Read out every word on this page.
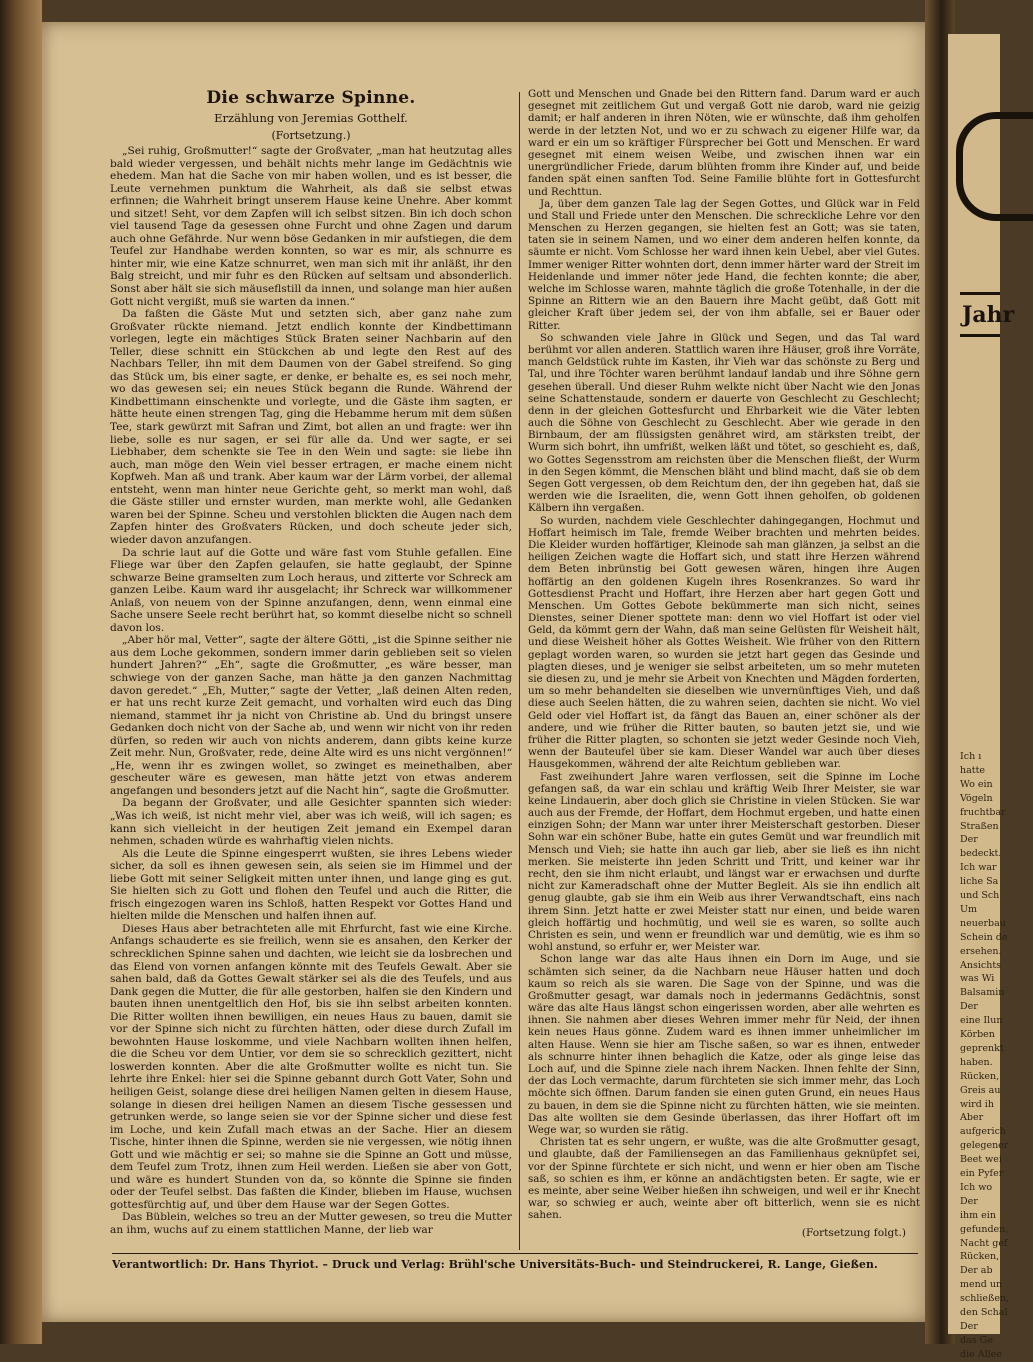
Die schwarze Spinne.
Erzählung von Jeremias Gotthelf.
(Fortsetzung.)

„Sei ruhig, Großmutter!“ sagte der Großvater, „man hat heutzutag alles bald wieder vergessen, und behält nichts mehr lange im Gedächtnis wie ehedem. Man hat die Sache von mir haben wollen, und es ist besser, die Leute vernehmen punktum die Wahrheit, als daß sie selbst etwas erfinnen; die Wahrheit bringt unserem Hause keine Unehre. Aber kommt und sitzet! Seht, vor dem Zapfen will ich selbst sitzen. Bin ich doch schon viel tausend Tage da gesessen ohne Furcht und ohne Zagen und darum auch ohne Gefährde. Nur wenn böse Gedanken in mir aufstiegen, die dem Teufel zur Handhabe werden konnten, so war es mir, als schnurre es hinter mir, wie eine Katze schnurret, wen man sich mit ihr anläßt, ihr den Balg streicht, und mir fuhr es den Rücken auf seltsam und absonderlich. Sonst aber hält sie sich mäuseflstill da innen, und solange man hier außen Gott nicht vergißt, muß sie warten da innen.“

Da faßten die Gäste Mut und setzten sich, aber ganz nahe zum Großvater rückte niemand. Jetzt endlich konnte der Kindbettimann vorlegen, legte ein mächtiges Stück Braten seiner Nachbarin auf den Teller, diese schnitt ein Stückchen ab und legte den Rest auf des Nachbars Teller, ihn mit dem Daumen von der Gabel streifend. So ging das Stück um, bis einer sagte, er denke, er behalte es, es sei noch mehr, wo das gewesen sei; ein neues Stück begann die Runde. Während der Kindbettimann einschenkte und vorlegte, und die Gäste ihm sagten, er hätte heute einen strengen Tag, ging die Hebamme herum mit dem süßen Tee, stark gewürzt mit Safran und Zimt, bot allen an und fragte: wer ihn liebe, solle es nur sagen, er sei für alle da. Und wer sagte, er sei Liebhaber, dem schenkte sie Tee in den Wein und sagte: sie liebe ihn auch, man möge den Wein viel besser ertragen, er mache einem nicht Kopfweh. Man aß und trank. Aber kaum war der Lärm vorbei, der allemal entsteht, wenn man hinter neue Gerichte geht, so merkt man wohl, daß die Gäste stiller und ernster wurden, man merkte wohl, alle Gedanken waren bei der Spinne. Scheu und verstohlen blickten die Augen nach dem Zapfen hinter des Großvaters Rücken, und doch scheute jeder sich, wieder davon anzufangen.

Da schrie laut auf die Gotte und wäre fast vom Stuhle gefallen. Eine Fliege war über den Zapfen gelaufen, sie hatte geglaubt, der Spinne schwarze Beine gramselten zum Loch heraus, und zitterte vor Schreck am ganzen Leibe. Kaum ward ihr ausgelacht; ihr Schreck war willkommener Anlaß, von neuem von der Spinne anzufangen, denn, wenn einmal eine Sache unsere Seele recht berührt hat, so kommt dieselbe nicht so schnell davon los.

„Aber hör mal, Vetter“, sagte der ältere Götti, „ist die Spinne seither nie aus dem Loche gekommen, sondern immer darin geblieben seit so vielen hundert Jahren?“ „Eh“, sagte die Großmutter, „es wäre besser, man schwiege von der ganzen Sache, man hätte ja den ganzen Nachmittag davon geredet.“ „Eh, Mutter,“ sagte der Vetter, „laß deinen Alten reden, er hat uns recht kurze Zeit gemacht, und vorhalten wird euch das Ding niemand, stammet ihr ja nicht von Christine ab. Und du bringst unsere Gedanken doch nicht von der Sache ab, und wenn wir nicht von ihr reden dürfen, so reden wir auch von nichts anderem, dann gibts keine kurze Zeit mehr. Nun, Großvater, rede, deine Alte wird es uns nicht vergönnen!“ „He, wenn ihr es zwingen wollet, so zwinget es meinethalben, aber gescheuter wäre es gewesen, man hätte jetzt von etwas anderem angefangen und besonders jetzt auf die Nacht hin“, sagte die Großmutter.

Da begann der Großvater, und alle Gesichter spannten sich wieder: „Was ich weiß, ist nicht mehr viel, aber was ich weiß, will ich sagen; es kann sich vielleicht in der heutigen Zeit jemand ein Exempel daran nehmen, schaden würde es wahrhaftig vielen nichts.

Als die Leute die Spinne eingesperrt wußten, sie ihres Lebens wieder sicher, da soll es ihnen gewesen sein, als seien sie im Himmel und der liebe Gott mit seiner Seligkeit mitten unter ihnen, und lange ging es gut. Sie hielten sich zu Gott und flohen den Teufel und auch die Ritter, die frisch eingezogen waren ins Schloß, hatten Respekt vor Gottes Hand und hielten milde die Menschen und halfen ihnen auf.

Dieses Haus aber betrachteten alle mit Ehrfurcht, fast wie eine Kirche. Anfangs schauderte es sie freilich, wenn sie es ansahen, den Kerker der schrecklichen Spinne sahen und dachten, wie leicht sie da losbrechen und das Elend von vornen anfangen könnte mit des Teufels Gewalt. Aber sie sahen bald, daß da Gottes Gewalt stärker sei als die des Teufels, und aus Dank gegen die Mutter, die für alle gestorben, halfen sie den Kindern und bauten ihnen unentgeltlich den Hof, bis sie ihn selbst arbeiten konnten. Die Ritter wollten ihnen bewilligen, ein neues Haus zu bauen, damit sie vor der Spinne sich nicht zu fürchten hätten, oder diese durch Zufall im bewohnten Hause loskomme, und viele Nachbarn wollten ihnen helfen, die die Scheu vor dem Untier, vor dem sie so schrecklich gezittert, nicht loswerden konnten. Aber die alte Großmutter wollte es nicht tun. Sie lehrte ihre Enkel: hier sei die Spinne gebannt durch Gott Vater, Sohn und heiligen Geist, solange diese drei heiligen Namen gelten in diesem Hause, solange in diesen drei heiligen Namen an diesem Tische gessessen und getrunken werde, so lange seien sie vor der Spinne sicher und diese fest im Loche, und kein Zufall mach etwas an der Sache. Hier an diesem Tische, hinter ihnen die Spinne, werden sie nie vergessen, wie nötig ihnen Gott und wie mächtig er sei; so mahne sie die Spinne an Gott und müsse, dem Teufel zum Trotz, ihnen zum Heil werden. Ließen sie aber von Gott, und wäre es hundert Stunden von da, so könnte die Spinne sie finden oder der Teufel selbst. Das faßten die Kinder, blieben im Hause, wuchsen gottesfürchtig auf, und über dem Hause war der Segen Gottes.

Das Büblein, welches so treu an der Mutter gewesen, so treu die Mutter an ihm, wuchs auf zu einem stattlichen Manne, der lieb war

Gott und Menschen und Gnade bei den Rittern fand. Darum ward er auch gesegnet mit zeitlichem Gut und vergaß Gott nie darob, ward nie geizig damit; er half anderen in ihren Nöten, wie er wünschte, daß ihm geholfen werde in der letzten Not, und wo er zu schwach zu eigener Hilfe war, da ward er ein um so kräftiger Fürsprecher bei Gott und Menschen. Er ward gesegnet mit einem weisen Weibe, und zwischen ihnen war ein unergründlicher Friede, darum blühten fromm ihre Kinder auf, und beide fanden spät einen sanften Tod. Seine Familie blühte fort in Gottesfurcht und Rechttun.

Ja, über dem ganzen Tale lag der Segen Gottes, und Glück war in Feld und Stall und Friede unter den Menschen. Die schreckliche Lehre vor den Menschen zu Herzen gegangen, sie hielten fest an Gott; was sie taten, taten sie in seinem Namen, und wo einer dem anderen helfen konnte, da säumte er nicht. Vom Schlosse her ward ihnen kein Uebel, aber viel Gutes. Immer weniger Ritter wohnten dort, denn immer härter ward der Streit im Heidenlande und immer nöter jede Hand, die fechten konnte; die aber, welche im Schlosse waren, mahnte täglich die große Totenhalle, in der die Spinne an Rittern wie an den Bauern ihre Macht geübt, daß Gott mit gleicher Kraft über jedem sei, der von ihm abfalle, sei er Bauer oder Ritter.

So schwanden viele Jahre in Glück und Segen, und das Tal ward berühmt vor allen anderen. Stattlich waren ihre Häuser, groß ihre Vorräte, manch Geldstück ruhte im Kasten, ihr Vieh war das schönste zu Berg und Tal, und ihre Töchter waren berühmt landauf landab und ihre Söhne gern gesehen überall. Und dieser Ruhm welkte nicht über Nacht wie den Jonas seine Schattenstaude, sondern er dauerte von Geschlecht zu Geschlecht; denn in der gleichen Gottesfurcht und Ehrbarkeit wie die Väter lebten auch die Söhne von Geschlecht zu Geschlecht. Aber wie gerade in den Birnbaum, der am flüssigsten genähret wird, am stärksten treibt, der Wurm sich bohrt, ihn umfrißt, welken läßt und tötet, so geschieht es, daß, wo Gottes Segensstrom am reichsten über die Menschen fließt, der Wurm in den Segen kömmt, die Menschen bläht und blind macht, daß sie ob dem Segen Gott vergessen, ob dem Reichtum den, der ihn gegeben hat, daß sie werden wie die Israeliten, die, wenn Gott ihnen geholfen, ob goldenen Kälbern ihn vergaßen.

So wurden, nachdem viele Geschlechter dahingegangen, Hochmut und Hoffart heimisch im Tale, fremde Weiber brachten und mehrten beides. Die Kleider wurden hoffärtiger, Kleinode sah man glänzen, ja selbst an die heiligen Zeichen wagte die Hoffart sich, und statt ihre Herzen während dem Beten inbrünstig bei Gott gewesen wären, hingen ihre Augen hoffärtig an den goldenen Kugeln ihres Rosenkranzes. So ward ihr Gottesdienst Pracht und Hoffart, ihre Herzen aber hart gegen Gott und Menschen. Um Gottes Gebote bekümmerte man sich nicht, seines Dienstes, seiner Diener spottete man: denn wo viel Hoffart ist oder viel Geld, da kömmt gern der Wahn, daß man seine Gelüsten für Weisheit hält, und diese Weisheit höher als Gottes Weisheit. Wie früher von den Rittern geplagt worden waren, so wurden sie jetzt hart gegen das Gesinde und plagten dieses, und je weniger sie selbst arbeiteten, um so mehr muteten sie diesen zu, und je mehr sie Arbeit von Knechten und Mägden forderten, um so mehr behandelten sie dieselben wie unvernünftiges Vieh, und daß diese auch Seelen hätten, die zu wahren seien, dachten sie nicht. Wo viel Geld oder viel Hoffart ist, da fängt das Bauen an, einer schöner als der andere, und wie früher die Ritter bauten, so bauten jetzt sie, und wie früher die Ritter plagten, so schonten sie jetzt weder Gesinde noch Vieh, wenn der Bauteufel über sie kam. Dieser Wandel war auch über dieses Hausgekommen, während der alte Reichtum geblieben war.

Fast zweihundert Jahre waren verflossen, seit die Spinne im Loche gefangen saß, da war ein schlau und kräftig Weib Ihrer Meister, sie war keine Lindauerin, aber doch glich sie Christine in vielen Stücken. Sie war auch aus der Fremde, der Hoffart, dem Hochmut ergeben, und hatte einen einzigen Sohn; der Mann war unter ihrer Meisterschaft gestorben. Dieser Sohn war ein schöner Bube, hatte ein gutes Gemüt und war freundlich mit Mensch und Vieh; sie hatte ihn auch gar lieb, aber sie ließ es ihn nicht merken. Sie meisterte ihn jeden Schritt und Tritt, und keiner war ihr recht, den sie ihm nicht erlaubt, und längst war er erwachsen und durfte nicht zur Kameradschaft ohne der Mutter Begleit. Als sie ihn endlich alt genug glaubte, gab sie ihm ein Weib aus ihrer Verwandtschaft, eins nach ihrem Sinn. Jetzt hatte er zwei Meister statt nur einen, und beide waren gleich hoffärtig und hochmütig, und weil sie es waren, so sollte auch Christen es sein, und wenn er freundlich war und demütig, wie es ihm so wohl anstund, so erfuhr er, wer Meister war.

Schon lange war das alte Haus ihnen ein Dorn im Auge, und sie schämten sich seiner, da die Nachbarn neue Häuser hatten und doch kaum so reich als sie waren. Die Sage von der Spinne, und was die Großmutter gesagt, war damals noch in jedermanns Gedächtnis, sonst wäre das alte Haus längst schon eingerissen worden, aber alle wehrten es ihnen. Sie nahmen aber dieses Wehren immer mehr für Neid, der ihnen kein neues Haus gönne. Zudem ward es ihnen immer unheimlicher im alten Hause. Wenn sie hier am Tische saßen, so war es ihnen, entweder als schnurre hinter ihnen behaglich die Katze, oder als ginge leise das Loch auf, und die Spinne ziele nach ihrem Nacken. Ihnen fehlte der Sinn, der das Loch vermachte, darum fürchteten sie sich immer mehr, das Loch möchte sich öffnen. Darum fanden sie einen guten Grund, ein neues Haus zu bauen, in dem sie die Spinne nicht zu fürchten hätten, wie sie meinten. Das alte wollten sie dem Gesinde überlassen, das ihrer Hoffart oft im Wege war, so wurden sie rätig.

Christen tat es sehr ungern, er wußte, was die alte Großmutter gesagt, und glaubte, daß der Familiensegen an das Familienhaus geknüpfet sei, vor der Spinne fürchtete er sich nicht, und wenn er hier oben am Tische saß, so schien es ihm, er könne an andächtigsten beten. Er sagte, wie er es meinte, aber seine Weiber hießen ihn schweigen, und weil er ihr Knecht war, so schwieg er auch, weinte aber oft bitterlich, wenn sie es nicht sahen.

(Fortsetzung folgt.)
Verantwortlich: Dr. Hans Thyriot. – Druck und Verlag: Brühl'sche Universitäts-Buch- und Steindruckerei, R. Lange, Gießen.
Jahr
Ich ı
hatte
Wo ein
Vögeln
fruchtbar
Straßen
Der
bedeckt.
Ich war
liche Sa
und Sch
Um
neuerbau
Schein de
ersehen.
Ansichts
was Wi
Balsamin
Der
eine Ilun
Körben
geprenkt
haben.
Rücken,
Greis au
wird ih
Aber
aufgerich
gelegener
Beet wei
ein Pyfer
Ich wo
Der
ihm ein
gefunden,
Nacht gef
Rücken,
Der ab
mend un
schließen,
den Schal
Der
das Ge
die Allee
